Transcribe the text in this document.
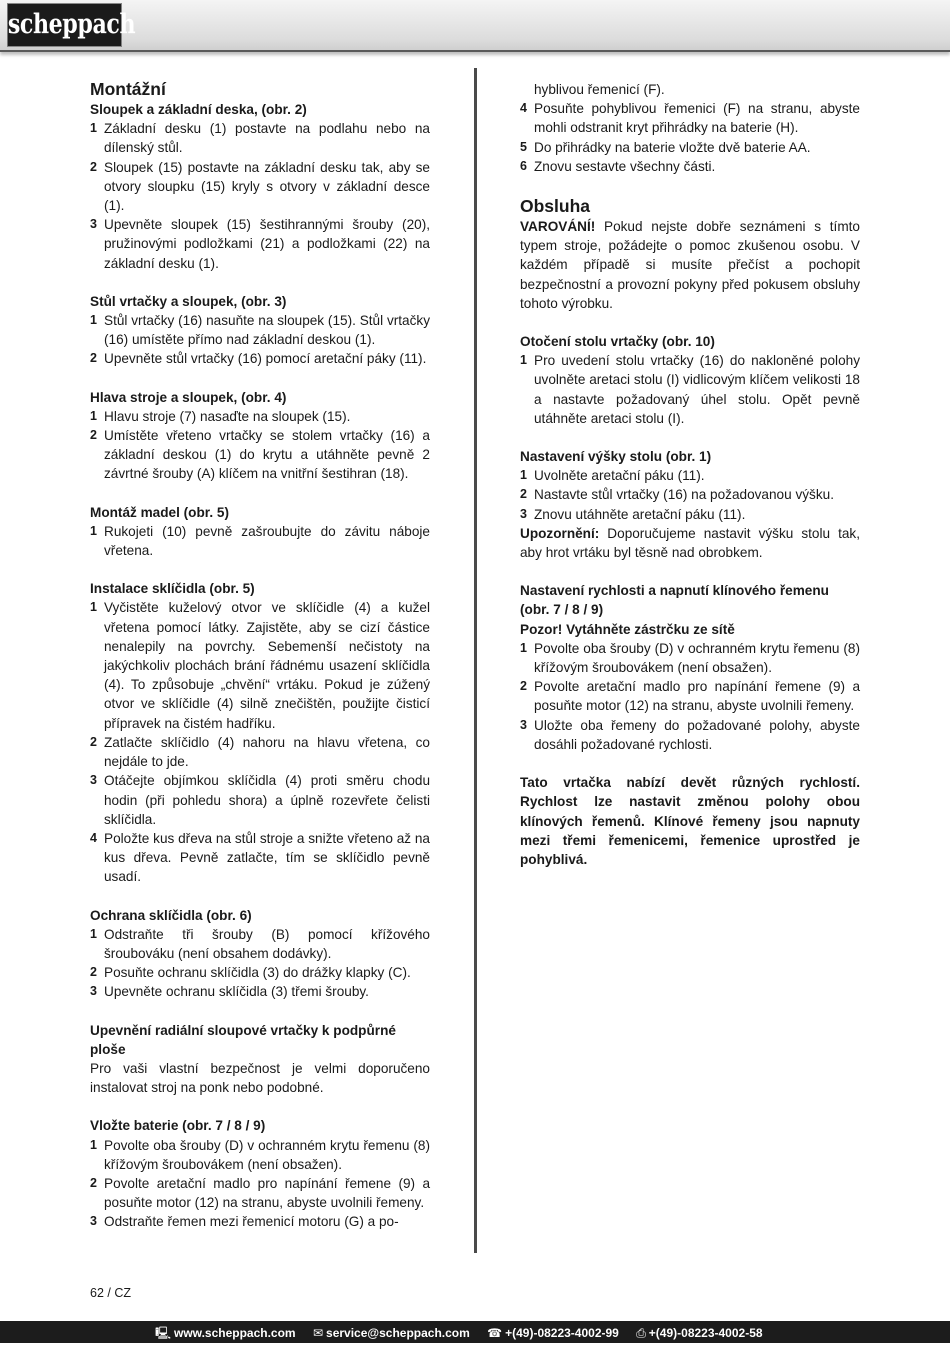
scheppach
Montážní
Sloupek a základní deska, (obr. 2)
1 Základní desku (1) postavte na podlahu nebo na dílenský stůl.
2 Sloupek (15) postavte na základní desku tak, aby se otvory sloupku (15) kryly s otvory v základní desce (1).
3 Upevněte sloupek (15) šestihrannými šrouby (20), pružinovými podložkami (21) a podložkami (22) na základní desku (1).
Stůl vrtačky a sloupek, (obr. 3)
1 Stůl vrtačky (16) nasuňte na sloupek (15). Stůl vrtačky (16) umístěte přímo nad základní deskou (1).
2 Upevněte stůl vrtačky (16) pomocí aretační páky (11).
Hlava stroje a sloupek, (obr. 4)
1 Hlavu stroje (7) nasaďte na sloupek (15).
2 Umístěte vřeteno vrtačky se stolem vrtačky (16) a základní deskou (1) do krytu a utáhněte pevně 2 závrtné šrouby (A) klíčem na vnitřní šestihran (18).
Montáž madel (obr. 5)
1 Rukojeti (10) pevně zašroubujte do závitu náboje vřetena.
Instalace sklíčidla (obr. 5)
1 Vyčistěte kuželový otvor ve sklíčidle (4) a kužel vřetena pomocí látky. Zajistěte, aby se cizí částice nenalepily na povrchy. Sebemenší nečistoty na jakýchkoliv plochách brání řádnému usazení sklíčidla (4). To způsobuje „chvění“ vrtáku. Pokud je zúžený otvor ve sklíčidle (4) silně znečištěn, použijte čisticí přípravek na čistém hadříku.
2 Zatlačte sklíčidlo (4) nahoru na hlavu vřetena, co nejdále to jde.
3 Otáčejte objímkou sklíčidla (4) proti směru chodu hodin (při pohledu shora) a úplně rozevřete čelisti sklíčidla.
4 Položte kus dřeva na stůl stroje a snižte vřeteno až na kus dřeva. Pevně zatlačte, tím se sklíčidlo pevně usadí.
Ochrana sklíčidla (obr. 6)
1 Odstraňte tři šrouby (B) pomocí křížového šroubováku (není obsahem dodávky).
2 Posuňte ochranu sklíčidla (3) do drážky klapky (C).
3 Upevněte ochranu sklíčidla (3) třemi šrouby.
Upevnění radiální sloupové vrtačky k podpůrné ploše

Pro vaši vlastní bezpečnost je velmi doporučeno instalovat stroj na ponk nebo podobné.

Vložte baterie (obr. 7 / 8 / 9)
1 Povolte oba šrouby (D) v ochranném krytu řemenu (8) křížovým šroubovákem (není obsažen).
2 Povolte aretační madlo pro napínání řemene (9) a posuňte motor (12) na stranu, abyste uvolnili řemeny.
3 Odstraňte řemen mezi řemenicí motoru (G) a po-

hyblivou řemenicí (F).

4 Posuňte pohyblivou řemenici (F) na stranu, abyste mohli odstranit kryt přihrádky na baterie (H).
5 Do přihrádky na baterie vložte dvě baterie AA.
6 Znovu sestavte všechny části.
Obsluha

VAROVÁNÍ! Pokud nejste dobře seznámeni s tímto typem stroje, požádejte o pomoc zkušenou osobu. V každém případě si musíte přečíst a pochopit bezpečnostní a provozní pokyny před pokusem obsluhy tohoto výrobku.

Otočení stolu vrtačky (obr. 10)
1 Pro uvedení stolu vrtačky (16) do nakloněné polohy uvolněte aretaci stolu (I) vidlicovým klíčem velikosti 18 a nastavte požadovaný úhel stolu. Opět pevně utáhněte aretaci stolu (I).
Nastavení výšky stolu (obr. 1)
1 Uvolněte aretační páku (11).
2 Nastavte stůl vrtačky (16) na požadovanou výšku.
3 Znovu utáhněte aretační páku (11).

Upozornění: Doporučujeme nastavit výšku stolu tak, aby hrot vrtáku byl těsně nad obrobkem.

Nastavení rychlosti a napnutí klínového řemenu (obr. 7 / 8 / 9)
Pozor! Vytáhněte zástrčku ze sítě
1 Povolte oba šrouby (D) v ochranném krytu řemenu (8) křížovým šroubovákem (není obsažen).
2 Povolte aretační madlo pro napínání řemene (9) a posuňte motor (12) na stranu, abyste uvolnili řemeny.
3 Uložte oba řemeny do požadované polohy, abyste dosáhli požadované rychlosti.

Tato vrtačka nabízí devět různých rychlostí. Rychlost lze nastavit změnou polohy obou klínových řemenů. Klínové řemeny jsou napnuty mezi třemi řemenicemi, řemenice uprostřed je pohyblivá.

62 / CZ
🖳︎ www.scheppach.com ✉ service@scheppach.com ☎ +(49)-08223-4002-99 ⎙ +(49)-08223-4002-58
